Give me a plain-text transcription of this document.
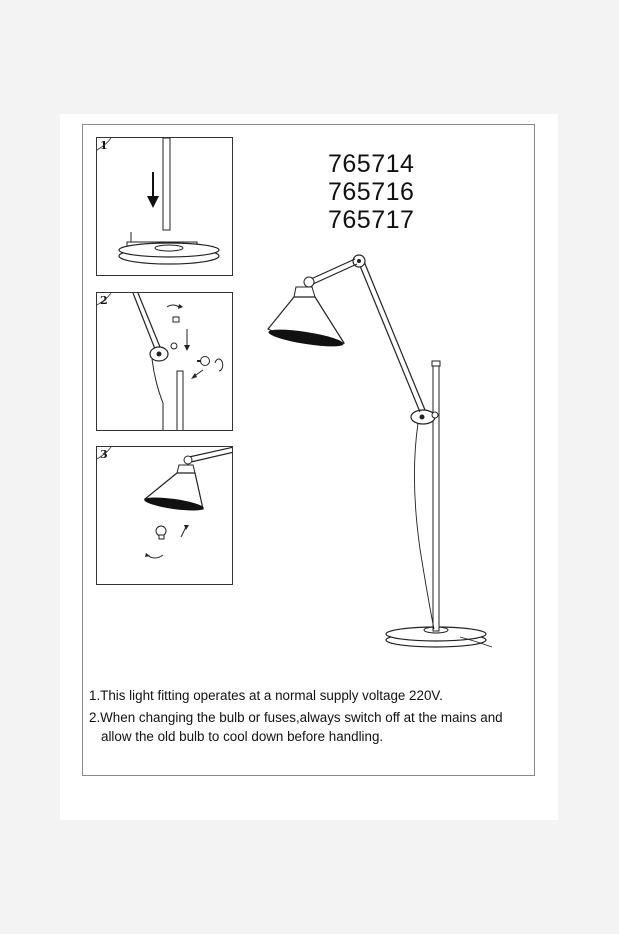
1
2
3
765714
765716
765717

1.This light fitting operates at a normal supply voltage 220V.

2.When changing the bulb or fuses,always switch off at the mains and

allow the old bulb to cool down before handling.
